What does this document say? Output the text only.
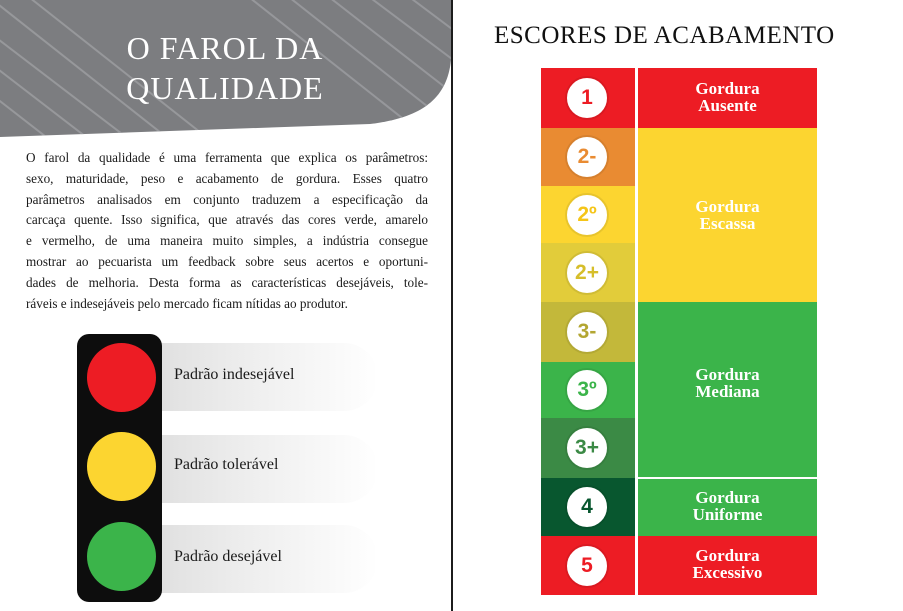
O FAROL DA
QUALIDADE
O farol da qualidade é uma ferramenta que explica os parâmetros:
sexo, maturidade, peso e acabamento de gordura. Esses quatro
parâmetros analisados em conjunto traduzem a especificação da
carcaça quente. Isso significa, que através das cores verde, amarelo
e vermelho, de uma maneira muito simples, a indústria consegue
mostrar ao pecuarista um feedback sobre seus acertos e oportuni-
dades de melhoria. Desta forma as características desejáveis, tole-
ráveis e indesejáveis pelo mercado ficam nítidas ao produtor.
Padrão indesejável
Padrão tolerável
Padrão desejável
ESCORES DE ACABAMENTO
1
2-
2º
2+
3-
3º
3+
4
5
Gordura
Ausente
Gordura
Escassa
Gordura
Mediana
Gordura
Uniforme
Gordura
Excessivo
